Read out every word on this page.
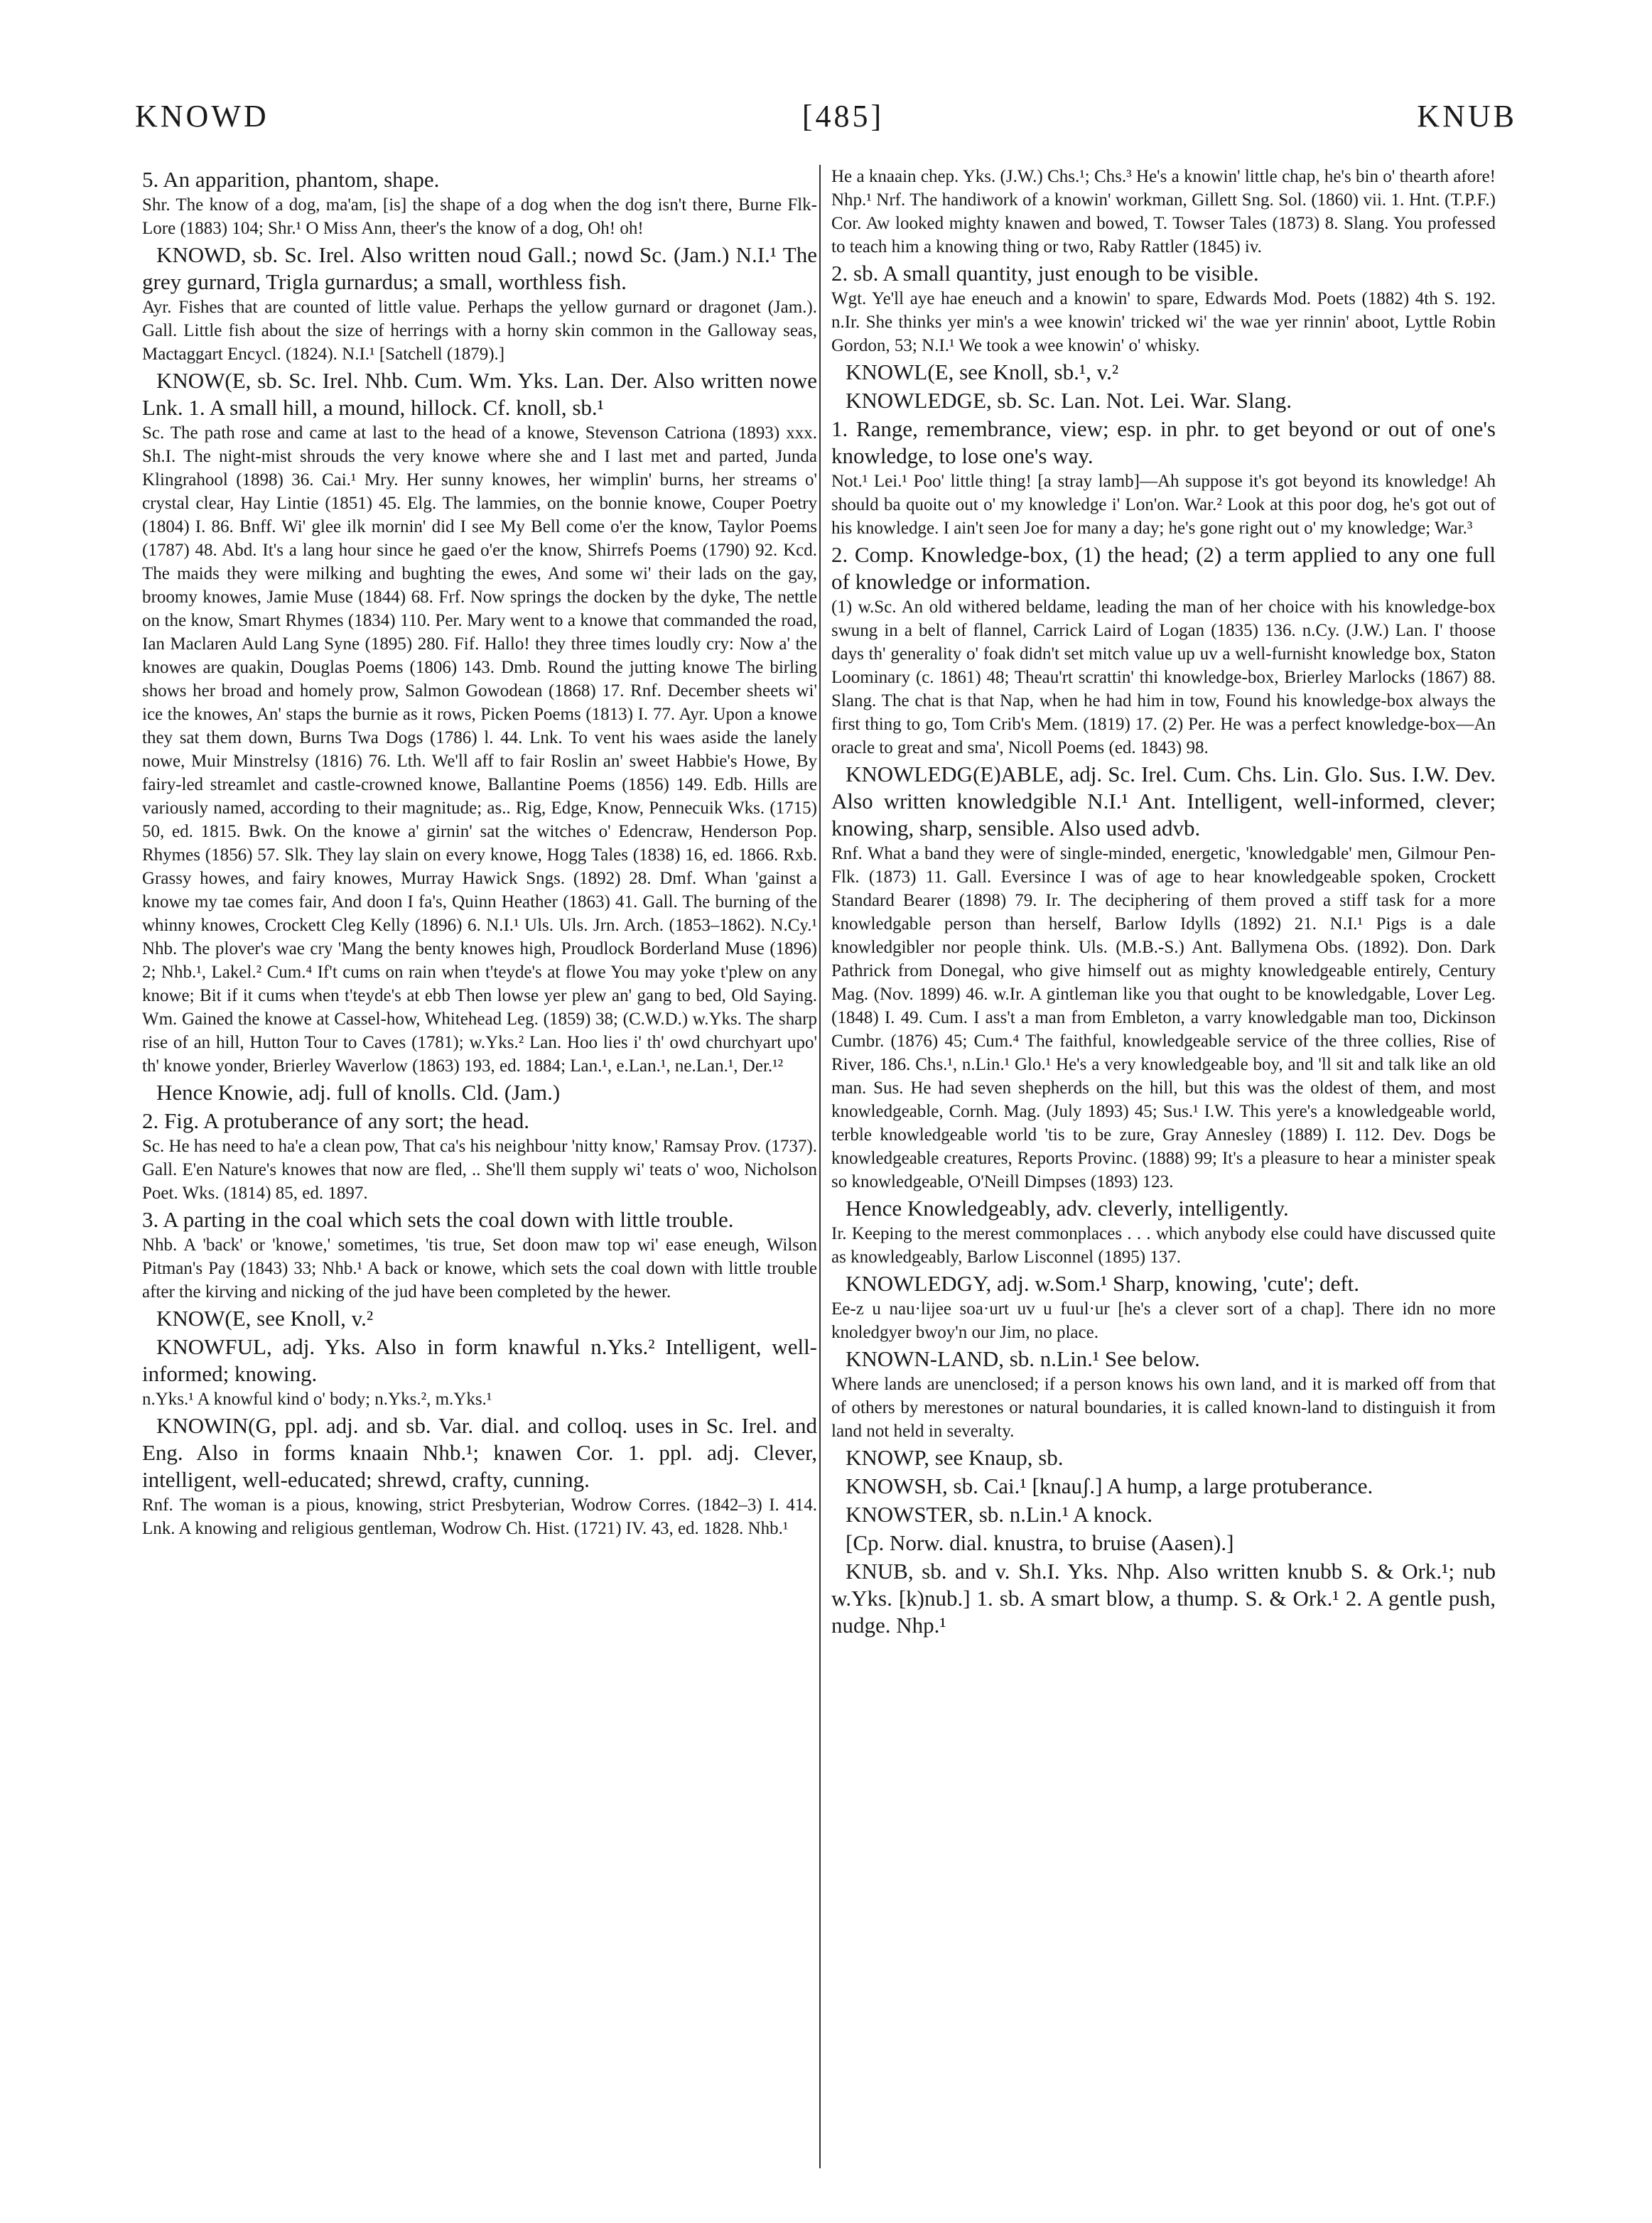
KNOWD	[485]	KNUB

5. An apparition, phantom, shape.

Shr. The know of a dog, ma'am, [is] the shape of a dog when the dog isn't there, Burne Flk-Lore (1883) 104; Shr.¹ O Miss Ann, theer's the know of a dog, Oh! oh!

KNOWD, sb. Sc. Irel. Also written noud Gall.; nowd Sc. (Jam.) N.I.¹ The grey gurnard, Trigla gurnardus; a small, worthless fish.

Ayr. Fishes that are counted of little value. Perhaps the yellow gurnard or dragonet (Jam.). Gall. Little fish about the size of herrings with a horny skin common in the Galloway seas, Mactaggart Encycl. (1824). N.I.¹ [Satchell (1879).]

KNOW(E, sb. Sc. Irel. Nhb. Cum. Wm. Yks. Lan. Der. Also written nowe Lnk. 1. A small hill, a mound, hillock. Cf. knoll, sb.¹

Sc. The path rose and came at last to the head of a knowe, Stevenson Catriona (1893) xxx. Sh.I. The night-mist shrouds the very knowe where she and I last met and parted, Junda Klingrahool (1898) 36. Cai.¹ Mry. Her sunny knowes, her wimplin' burns, her streams o' crystal clear, Hay Lintie (1851) 45. Elg. The lammies, on the bonnie knowe, Couper Poetry (1804) I. 86. Bnff. Wi' glee ilk mornin' did I see My Bell come o'er the know, Taylor Poems (1787) 48. Abd. It's a lang hour since he gaed o'er the know, Shirrefs Poems (1790) 92. Kcd. The maids they were milking and bughting the ewes, And some wi' their lads on the gay, broomy knowes, Jamie Muse (1844) 68. Frf. Now springs the docken by the dyke, The nettle on the know, Smart Rhymes (1834) 110. Per. Mary went to a knowe that commanded the road, Ian Maclaren Auld Lang Syne (1895) 280. Fif. Hallo! they three times loudly cry: Now a' the knowes are quakin, Douglas Poems (1806) 143. Dmb. Round the jutting knowe The birling shows her broad and homely prow, Salmon Gowodean (1868) 17. Rnf. December sheets wi' ice the knowes, An' staps the burnie as it rows, Picken Poems (1813) I. 77. Ayr. Upon a knowe they sat them down, Burns Twa Dogs (1786) l. 44. Lnk. To vent his waes aside the lanely nowe, Muir Minstrelsy (1816) 76. Lth. We'll aff to fair Roslin an' sweet Habbie's Howe, By fairy-led streamlet and castle-crowned knowe, Ballantine Poems (1856) 149. Edb. Hills are variously named, according to their magnitude; as.. Rig, Edge, Know, Pennecuik Wks. (1715) 50, ed. 1815. Bwk. On the knowe a' girnin' sat the witches o' Edencraw, Henderson Pop. Rhymes (1856) 57. Slk. They lay slain on every knowe, Hogg Tales (1838) 16, ed. 1866. Rxb. Grassy howes, and fairy knowes, Murray Hawick Sngs. (1892) 28. Dmf. Whan 'gainst a knowe my tae comes fair, And doon I fa's, Quinn Heather (1863) 41. Gall. The burning of the whinny knowes, Crockett Cleg Kelly (1896) 6. N.I.¹ Uls. Uls. Jrn. Arch. (1853–1862). N.Cy.¹ Nhb. The plover's wae cry 'Mang the benty knowes high, Proudlock Borderland Muse (1896) 2; Nhb.¹, Lakel.² Cum.⁴ If't cums on rain when t'teyde's at flowe You may yoke t'plew on any knowe; Bit if it cums when t'teyde's at ebb Then lowse yer plew an' gang to bed, Old Saying. Wm. Gained the knowe at Cassel-how, Whitehead Leg. (1859) 38; (C.W.D.) w.Yks. The sharp rise of an hill, Hutton Tour to Caves (1781); w.Yks.² Lan. Hoo lies i' th' owd churchyart upo' th' knowe yonder, Brierley Waverlow (1863) 193, ed. 1884; Lan.¹, e.Lan.¹, ne.Lan.¹, Der.¹²

Hence Knowie, adj. full of knolls. Cld. (Jam.)

2. Fig. A protuberance of any sort; the head.

Sc. He has need to ha'e a clean pow, That ca's his neighbour 'nitty know,' Ramsay Prov. (1737). Gall. E'en Nature's knowes that now are fled, .. She'll them supply wi' teats o' woo, Nicholson Poet. Wks. (1814) 85, ed. 1897.

3. A parting in the coal which sets the coal down with little trouble.

Nhb. A 'back' or 'knowe,' sometimes, 'tis true, Set doon maw top wi' ease eneugh, Wilson Pitman's Pay (1843) 33; Nhb.¹ A back or knowe, which sets the coal down with little trouble after the kirving and nicking of the jud have been completed by the hewer.

KNOW(E, see Knoll, v.²

KNOWFUL, adj. Yks. Also in form knawful n.Yks.² Intelligent, well-informed; knowing.

n.Yks.¹ A knowful kind o' body; n.Yks.², m.Yks.¹

KNOWIN(G, ppl. adj. and sb. Var. dial. and colloq. uses in Sc. Irel. and Eng. Also in forms knaain Nhb.¹; knawen Cor. 1. ppl. adj. Clever, intelligent, well-educated; shrewd, crafty, cunning.

Rnf. The woman is a pious, knowing, strict Presbyterian, Wodrow Corres. (1842–3) I. 414. Lnk. A knowing and religious gentleman, Wodrow Ch. Hist. (1721) IV. 43, ed. 1828. Nhb.¹

He a knaain chep. Yks. (J.W.) Chs.¹; Chs.³ He's a knowin' little chap, he's bin o' thearth afore! Nhp.¹ Nrf. The handiwork of a knowin' workman, Gillett Sng. Sol. (1860) vii. 1. Hnt. (T.P.F.) Cor. Aw looked mighty knawen and bowed, T. Towser Tales (1873) 8. Slang. You professed to teach him a knowing thing or two, Raby Rattler (1845) iv.

2. sb. A small quantity, just enough to be visible.

Wgt. Ye'll aye hae eneuch and a knowin' to spare, Edwards Mod. Poets (1882) 4th S. 192. n.Ir. She thinks yer min's a wee knowin' tricked wi' the wae yer rinnin' aboot, Lyttle Robin Gordon, 53; N.I.¹ We took a wee knowin' o' whisky.

KNOWL(E, see Knoll, sb.¹, v.²

KNOWLEDGE, sb. Sc. Lan. Not. Lei. War. Slang.

1. Range, remembrance, view; esp. in phr. to get beyond or out of one's knowledge, to lose one's way.

Not.¹ Lei.¹ Poo' little thing! [a stray lamb]—Ah suppose it's got beyond its knowledge! Ah should ba quoite out o' my knowledge i' Lon'on. War.² Look at this poor dog, he's got out of his knowledge. I ain't seen Joe for many a day; he's gone right out o' my knowledge; War.³

2. Comp. Knowledge-box, (1) the head; (2) a term applied to any one full of knowledge or information.

(1) w.Sc. An old withered beldame, leading the man of her choice with his knowledge-box swung in a belt of flannel, Carrick Laird of Logan (1835) 136. n.Cy. (J.W.) Lan. I' thoose days th' generality o' foak didn't set mitch value up uv a well-furnisht knowledge box, Staton Loominary (c. 1861) 48; Theau'rt scrattin' thi knowledge-box, Brierley Marlocks (1867) 88. Slang. The chat is that Nap, when he had him in tow, Found his knowledge-box always the first thing to go, Tom Crib's Mem. (1819) 17. (2) Per. He was a perfect knowledge-box—An oracle to great and sma', Nicoll Poems (ed. 1843) 98.

KNOWLEDG(E)ABLE, adj. Sc. Irel. Cum. Chs. Lin. Glo. Sus. I.W. Dev. Also written knowledgible N.I.¹ Ant. Intelligent, well-informed, clever; knowing, sharp, sensible. Also used advb.

Rnf. What a band they were of single-minded, energetic, 'knowledgable' men, Gilmour Pen-Flk. (1873) 11. Gall. Eversince I was of age to hear knowledgeable spoken, Crockett Standard Bearer (1898) 79. Ir. The deciphering of them proved a stiff task for a more knowledgable person than herself, Barlow Idylls (1892) 21. N.I.¹ Pigs is a dale knowledgibler nor people think. Uls. (M.B.-S.) Ant. Ballymena Obs. (1892). Don. Dark Pathrick from Donegal, who give himself out as mighty knowledgeable entirely, Century Mag. (Nov. 1899) 46. w.Ir. A gintleman like you that ought to be knowledgable, Lover Leg. (1848) I. 49. Cum. I ass't a man from Embleton, a varry knowledgable man too, Dickinson Cumbr. (1876) 45; Cum.⁴ The faithful, knowledgeable service of the three collies, Rise of River, 186. Chs.¹, n.Lin.¹ Glo.¹ He's a very knowledgeable boy, and 'll sit and talk like an old man. Sus. He had seven shepherds on the hill, but this was the oldest of them, and most knowledgeable, Cornh. Mag. (July 1893) 45; Sus.¹ I.W. This yere's a knowledgeable world, terble knowledgeable world 'tis to be zure, Gray Annesley (1889) I. 112. Dev. Dogs be knowledgeable creatures, Reports Provinc. (1888) 99; It's a pleasure to hear a minister speak so knowledgeable, O'Neill Dimpses (1893) 123.

Hence Knowledgeably, adv. cleverly, intelligently.

Ir. Keeping to the merest commonplaces . . . which anybody else could have discussed quite as knowledgeably, Barlow Lisconnel (1895) 137.

KNOWLEDGY, adj. w.Som.¹ Sharp, knowing, 'cute'; deft.

Ee-z u nau·lijee soa·urt uv u fuul·ur [he's a clever sort of a chap]. There idn no more knoledgyer bwoy'n our Jim, no place.

KNOWN-LAND, sb. n.Lin.¹ See below.

Where lands are unenclosed; if a person knows his own land, and it is marked off from that of others by merestones or natural boundaries, it is called known-land to distinguish it from land not held in severalty.

KNOWP, see Knaup, sb.

KNOWSH, sb. Cai.¹ [knauʃ.] A hump, a large protuberance.

KNOWSTER, sb. n.Lin.¹ A knock.

[Cp. Norw. dial. knustra, to bruise (Aasen).]

KNUB, sb. and v. Sh.I. Yks. Nhp. Also written knubb S. & Ork.¹; nub w.Yks. [k)nub.] 1. sb. A smart blow, a thump. S. & Ork.¹ 2. A gentle push, nudge. Nhp.¹
